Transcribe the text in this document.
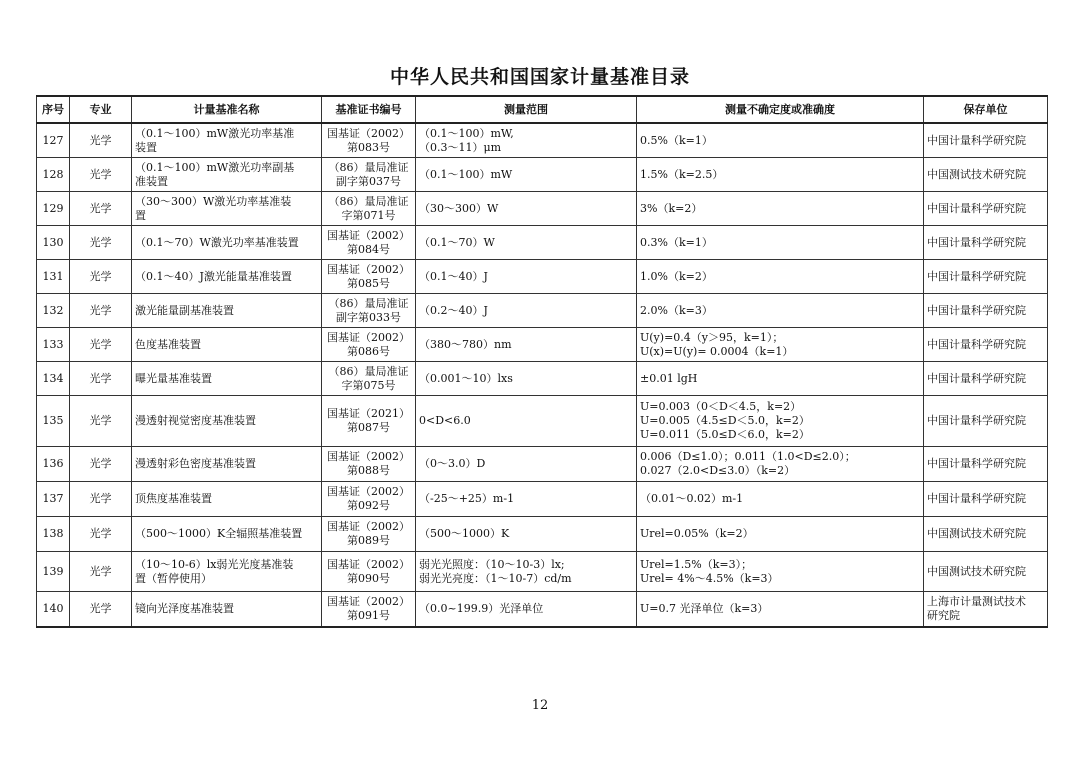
中华人民共和国国家计量基准目录
序号	专业	计量基准名称	基准证书编号	测量范围	测量不确定度或准确度	保存单位
127	光学	（0.1～100）mW激光功率基准
装置	国基证（2002）
第083号	（0.1～100）mW,
（0.3～11）μm	0.5%（k=1）	中国计量科学研究院

128	光学	（0.1～100）mW激光功率副基
准装置	（86）量局准证
副字第037号	（0.1～100）mW	1.5%（k=2.5）	中国测试技术研究院

129	光学	（30～300）W激光功率基准装
置	（86）量局准证
字第071号	（30～300）W	3%（k=2）	中国计量科学研究院

130	光学	（0.1～70）W激光功率基准装置	国基证（2002）
第084号	（0.1～70）W	0.3%（k=1）	中国计量科学研究院

131	光学	（0.1～40）J激光能量基准装置	国基证（2002）
第085号	（0.1～40）J	1.0%（k=2）	中国计量科学研究院

132	光学	激光能量副基准装置	（86）量局准证
副字第033号	（0.2～40）J	2.0%（k=3）	中国计量科学研究院

133	光学	色度基准装置	国基证（2002）
第086号	（380～780）nm	U(y)=0.4（y＞95，k=1）；
U(x)=U(y)= 0.0004（k=1）	中国计量科学研究院

134	光学	曝光量基准装置	（86）量局准证
字第075号	（0.001～10）lxs	±0.01 lgH	中国计量科学研究院

135	光学	漫透射视觉密度基准装置	国基证（2021）
第087号	0<D<6.0	U=0.003（0＜D＜4.5，k=2）
U=0.005（4.5≤D＜5.0，k=2）
U=0.011（5.0≤D＜6.0，k=2）	中国计量科学研究院

136	光学	漫透射彩色密度基准装置	国基证（2002）
第088号	（0～3.0）D	0.006（D≤1.0）；0.011（1.0<D≤2.0）；
0.027（2.0<D≤3.0）（k=2）	中国计量科学研究院

137	光学	顶焦度基准装置	国基证（2002）
第092号	（-25～+25）m-1	（0.01～0.02）m-1	中国计量科学研究院

138	光学	（500～1000）K全辐照基准装置	国基证（2002）
第089号	（500～1000）K	Urel=0.05%（k=2）	中国测试技术研究院

139	光学	（10～10-6）lx弱光光度基准装
置（暂停使用）	国基证（2002）
第090号	弱光光照度：（10～10-3）lx;
弱光光亮度：（1～10-7）cd/m	Urel=1.5%（k=3）；
Urel= 4%～4.5%（k=3）	中国测试技术研究院

140	光学	镜向光泽度基准装置	国基证（2002）
第091号	（0.0~199.9）光泽单位	U=0.7 光泽单位（k=3）	上海市计量测试技术
研究院
12
